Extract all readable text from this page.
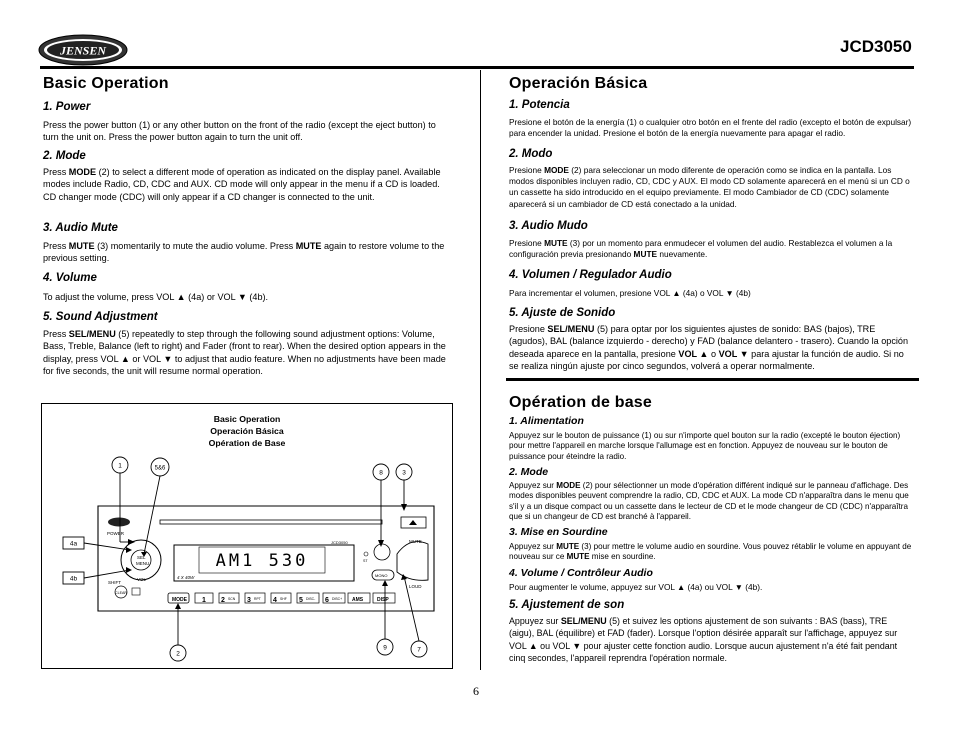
JENSEN	JCD3050
Basic Operation
1. Power
Press the power button (1) or any other button on the front of the radio (except the eject button) to turn the unit on. Press the power button again to turn the unit off.
2. Mode
Press MODE (2) to select a different mode of operation as indicated on the display panel. Available modes include Radio, CD, CDC and AUX. CD mode will only appear in the menu if a CD is loaded. CD changer mode (CDC) will only appear if a CD changer is connected to the unit.
3. Audio Mute
Press MUTE (3) momentarily to mute the audio volume. Press MUTE again to restore volume to the previous setting.
4. Volume
To adjust the volume, press VOL ▲ (4a) or VOL ▼ (4b).
5. Sound Adjustment
Press SEL/MENU (5) repeatedly to step through the following sound adjustment options: Volume, Bass, Treble, Balance (left to right) and Fader (front to rear). When the desired option appears in the display, press VOL ▲ or VOL ▼ to adjust that audio feature. When no adjustments have been made for five seconds, the unit will resume normal operation.
Operación Básica
1. Potencia
Presione el botón de la energía (1) o cualquier otro botón en el frente del radio (excepto el botón de expulsar) para encender la unidad. Presione el botón de la energía nuevamente para apagar el radio.
2. Modo
Presione MODE (2) para seleccionar un modo diferente de operación como se indica en la pantalla. Los modos disponibles incluyen radio, CD, CDC y AUX. El modo CD solamente aparecerá en el menú si un CD o un cassette ha sido introducido en el equipo previamente. El modo Cambiador de CD (CDC) solamente aparecerá si un cambiador de CD está conectado a la unidad.
3. Audio Mudo
Presione MUTE (3) por un momento para enmudecer el volumen del audio. Restablezca el volumen a la configuración previa presionando MUTE nuevamente.
4. Volumen / Regulador Audio
Para incrementar el volumen, presione VOL ▲ (4a) o VOL ▼ (4b)
5. Ajuste de Sonido
Presione SEL/MENU (5) para optar por los siguientes ajustes de sonido: BAS (bajos), TRE (agudos), BAL (balance izquierdo - derecho) y FAD (balance delantero - trasero). Cuando la opción deseada aparece en la pantalla, presione VOL ▲ o VOL ▼ para ajustar la función de audio. Si no se realiza ningún ajuste por cinco segundos, volverá a operar normalmente.
Opération de base
1. Alimentation
Appuyez sur le bouton de puissance (1) ou sur n'importe quel bouton sur la radio (excepté le bouton éjection) pour mettre l'appareil en marche lorsque l'allumage est en fonction. Appuyez de nouveau sur le bouton de puissance pour éteindre la radio.
2. Mode
Appuyez sur MODE (2) pour sélectionner un mode d'opération différent indiqué sur le panneau d'affichage. Des modes disponibles peuvent comprendre la radio, CD, CDC et AUX. La mode CD n'apparaîtra dans le menu que s'il y a un disque compact ou un cassette dans le lecteur de CD et le mode changeur de CD (CDC) n'apparaîtra que si un changeur de CD est branché à l'appareil.
3. Mise en Sourdine
Appuyez sur MUTE (3) pour mettre le volume audio en sourdine. Vous pouvez rétablir le volume en appuyant de nouveau sur ce MUTE mise en sourdine.
4. Volume / Contrôleur Audio
Pour augmenter le volume, appuyez sur VOL ▲ (4a) ou VOL ▼ (4b).
5. Ajustement de son
Appuyez sur SEL/MENU (5) et suivez les options ajustement de son suivants : BAS (bass), TRE (aigu), BAL (équilibre) et FAD (fader). Lorsque l'option désirée apparaît sur l'affichage, appuyez sur VOL ▲ ou VOL ▼ pour ajuster cette fonction audio. Lorsque aucun ajustement n'a été fait pendant cinq secondes, l'appareil reprendra l'opération normale.
Basic Operation
Operación Básica
Opération de Base
POWER
MUTE
SHIFT
VOL
SEL
MENU
CLEAR
MONO
LOUD
ST
JCD3050
4 X 40W
AM1 530
MODE 1 2 SCN 3 RPT 4 SHF 5 DISC- 6 DISC+ AMS	DISP
1	5&6
8	3
4a
4b
2
9	7
6
